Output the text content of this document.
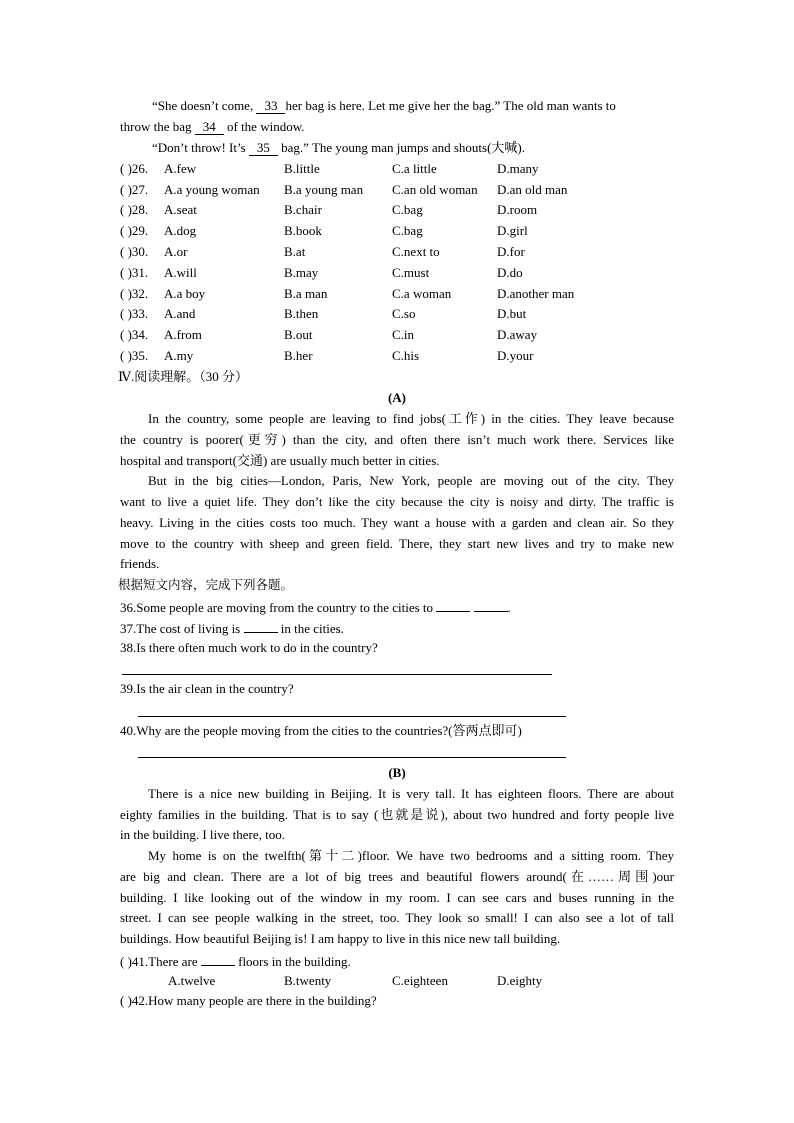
“She doesn’t come, 33 her bag is here. Let me give her the bag.” The old man wants to
throw the bag 34 of the window.
“Don’t throw! It’s 35 bag.” The young man jumps and shouts(大喊).
( )26. A.few	B.little	C.a little	D.many
( )27. A.a young woman B.a young man C.an old woman D.an old man
( )28. A.seat	B.chair	C.bag	D.room
( )29. A.dog	B.book	C.bag	D.girl
( )30. A.or	B.at	C.next to	D.for
( )31. A.will	B.may	C.must	D.do
( )32. A.a boy	B.a man	C.a woman	D.another man
( )33. A.and	B.then	C.so	D.but
( )34. A.from	B.out	C.in	D.away
( )35. A.my	B.her	C.his	D.your
Ⅳ.阅读理解。（30 分）
(A)
In the country, some people are leaving to find jobs(工作) in the cities. They leave because
the country is poorer(更穷) than the city, and often there isn’t much work there. Services like
hospital and transport(交通) are usually much better in cities.
But in the big cities—London, Paris, New York, people are moving out of the city. They
want to live a quiet life. They don’t like the city because the city is noisy and dirty. The traffic is
heavy. Living in the cities costs too much. They want a house with a garden and clean air. So they
move to the country with sheep and green field. There, they start new lives and try to make new
friends.
根据短文内容，完成下列各题。
36.Some people are moving from the country to the cities to	.
37.The cost of living is	in the cities.
38.Is there often much work to do in the country?
39.Is the air clean in the country?
40.Why are the people moving from the cities to the countries?(答两点即可)
(B)
There is a nice new building in Beijing. It is very tall. It has eighteen floors. There are about
eighty families in the building. That is to say (也就是说), about two hundred and forty people live
in the building. I live there, too.
My home is on the twelfth(第十二)floor. We have two bedrooms and a sitting room. They
are big and clean. There are a lot of big trees and beautiful flowers around(在……周围)our
building. I like looking out of the window in my room. I can see cars and buses running in the
street. I can see people walking in the street, too. They look so small! I can also see a lot of tall
buildings. How beautiful Beijing is! I am happy to live in this nice new tall building.
( )41.There are	floors in the building.
A.twelve	B.twenty	C.eighteen	D.eighty
( )42.How many people are there in the building?
